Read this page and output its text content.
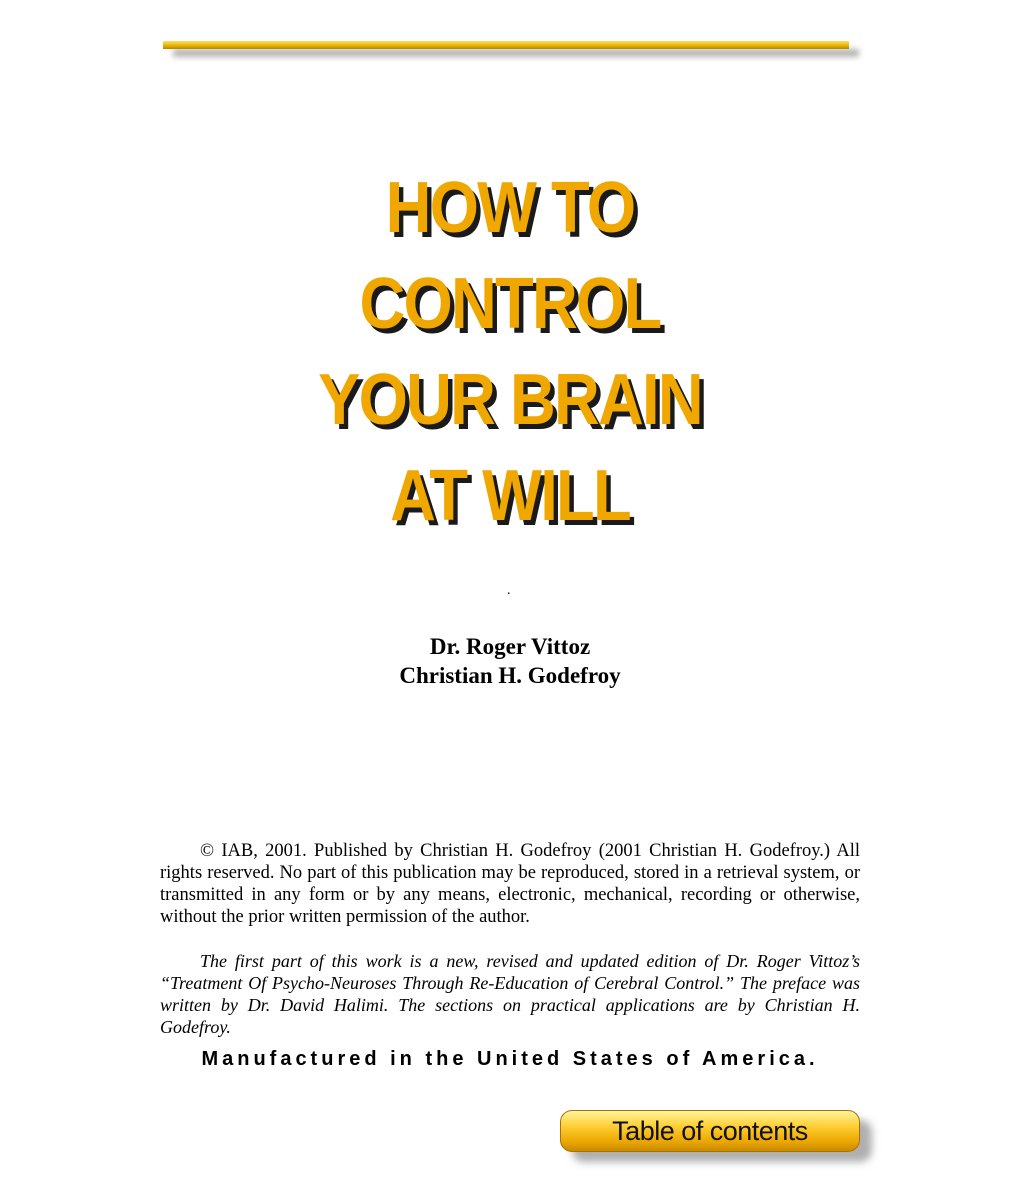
HOW TO
CONTROL
YOUR BRAIN
AT WILL
.
Dr. Roger Vittoz
Christian H. Godefroy

© IAB, 2001. Published by Christian H. Godefroy (2001 Christian H. Godefroy.) All rights reserved. No part of this publication may be reproduced, stored in a retrieval system, or transmitted in any form or by any means, electronic, mechanical, recording or otherwise, without the prior written permission of the author.

The first part of this work is a new, revised and updated edition of Dr. Roger Vittoz’s “Treatment Of Psycho-Neuroses Through Re-Education of Cerebral Control.” The preface was written by Dr. David Halimi. The sections on practical applications are by Christian H. Godefroy.

Manufactured in the United States of America.
Table of contents
